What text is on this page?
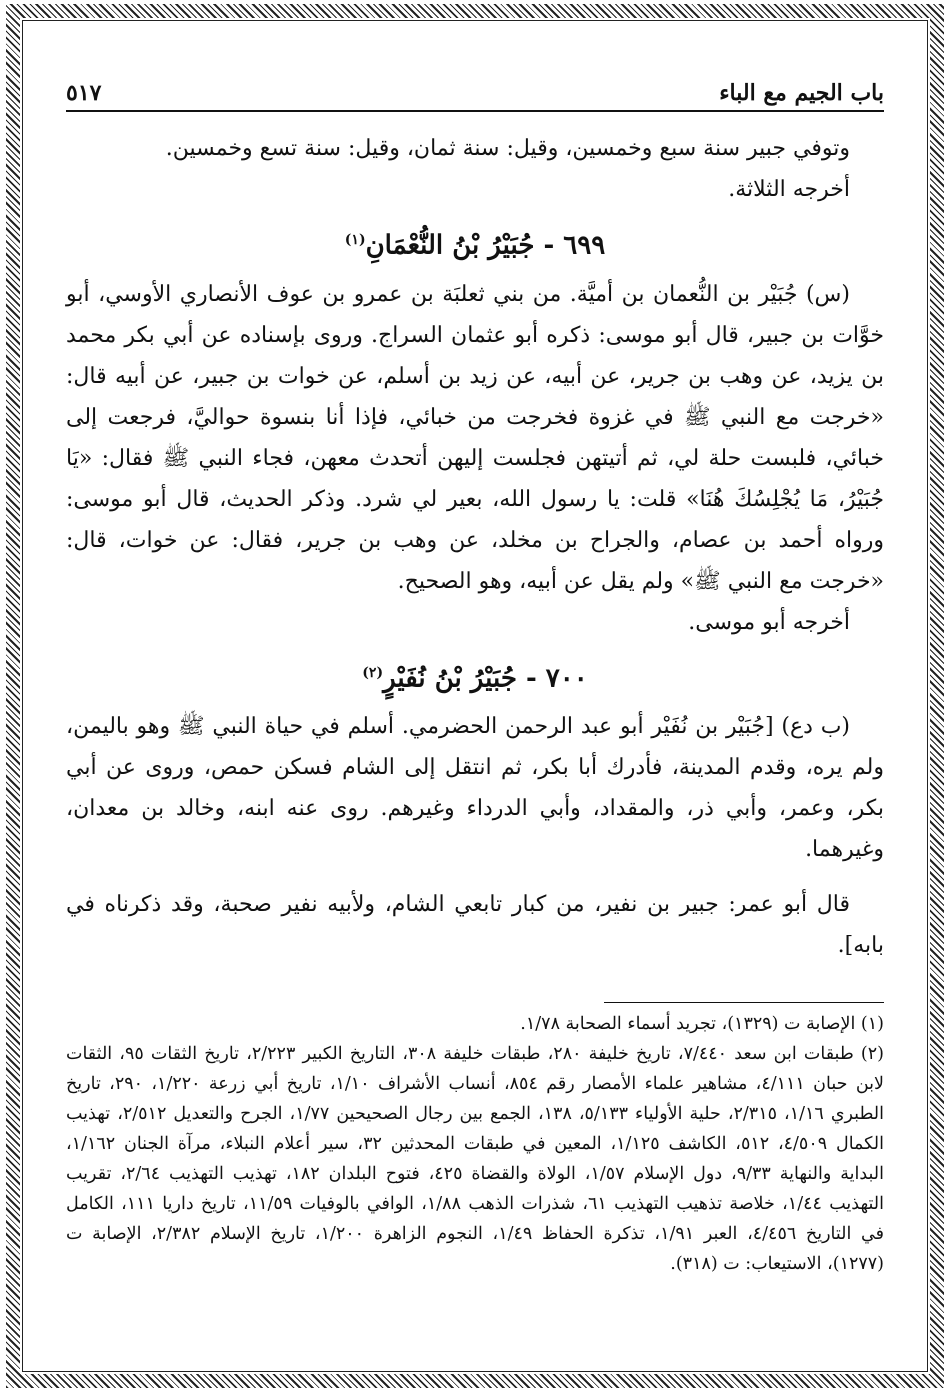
باب الجيم مع الباء
٥١٧

وتوفي جبير سنة سبع وخمسين، وقيل: سنة ثمان، وقيل: سنة تسع وخمسين.

أخرجه الثلاثة.

٦٩٩ - جُبَيْرُ بْنُ النُّعْمَانِ$^{(١)}$

(س) جُبَيْر بن النُّعمان بن أميَّة. من بني ثعلبَة بن عمرو بن عوف الأنصاري الأوسي، أبو خوَّات بن جبير، قال أبو موسى: ذكره أبو عثمان السراج. وروى بإسناده عن أبي بكر محمد بن يزيد، عن وهب بن جرير، عن أبيه، عن زيد بن أسلم، عن خوات بن جبير، عن أبيه قال: «خرجت مع النبي ﷺ في غزوة فخرجت من خبائي، فإذا أنا بنسوة حواليَّ، فرجعت إلى خبائي، فلبست حلة لي، ثم أتيتهن فجلست إليهن أتحدث معهن، فجاء النبي ﷺ فقال: «يَا جُبَيْرُ، مَا يُجْلِسُكَ هُنَا» قلت: يا رسول الله، بعير لي شرد. وذكر الحديث، قال أبو موسى: ورواه أحمد بن عصام، والجراح بن مخلد، عن وهب بن جرير، فقال: عن خوات، قال: «خرجت مع النبي ﷺ» ولم يقل عن أبيه، وهو الصحيح.

أخرجه أبو موسى.

٧٠٠ - جُبَيْرُ بْنُ نُفَيْرٍ$^{(٢)}$

(ب دع) [جُبَيْر بن نُفَيْر أبو عبد الرحمن الحضرمي. أسلم في حياة النبي ﷺ وهو باليمن، ولم يره، وقدم المدينة، فأدرك أبا بكر، ثم انتقل إلى الشام فسكن حمص، وروى عن أبي بكر، وعمر، وأبي ذر، والمقداد، وأبي الدرداء وغيرهم. روى عنه ابنه، وخالد بن معدان، وغيرهما.

قال أبو عمر: جبير بن نفير، من كبار تابعي الشام، ولأبيه نفير صحبة، وقد ذكرناه في بابه].

(١) الإصابة ت (١٣٢٩)، تجريد أسماء الصحابة ١/٧٨.

(٢) طبقات ابن سعد ٧/٤٤٠، تاريخ خليفة ٢٨٠، طبقات خليفة ٣٠٨، التاريخ الكبير ٢/٢٢٣، تاريخ الثقات ٩٥، الثقات لابن حبان ٤/١١١، مشاهير علماء الأمصار رقم ٨٥٤، أنساب الأشراف ١/١٠، تاريخ أبي زرعة ١/٢٢٠، ٢٩٠، تاريخ الطبري ١/١٦، ٢/٣١٥، حلية الأولياء ٥/١٣٣، ١٣٨، الجمع بين رجال الصحيحين ١/٧٧، الجرح والتعديل ٢/٥١٢، تهذيب الكمال ٤/٥٠٩، ٥١٢، الكاشف ١/١٢٥، المعين في طبقات المحدثين ٣٢، سير أعلام النبلاء، مرآة الجنان ١/١٦٢، البداية والنهاية ٩/٣٣، دول الإسلام ١/٥٧، الولاة والقضاة ٤٢٥، فتوح البلدان ١٨٢، تهذيب التهذيب ٢/٦٤، تقريب التهذيب ١/٤٤، خلاصة تذهيب التهذيب ٦١، شذرات الذهب ١/٨٨، الوافي بالوفيات ١١/٥٩، تاريخ داريا ١١١، الكامل في التاريخ ٤/٤٥٦، العبر ١/٩١، تذكرة الحفاظ ١/٤٩، النجوم الزاهرة ١/٢٠٠، تاريخ الإسلام ٢/٣٨٢، الإصابة ت (١٢٧٧)، الاستيعاب: ت (٣١٨).
